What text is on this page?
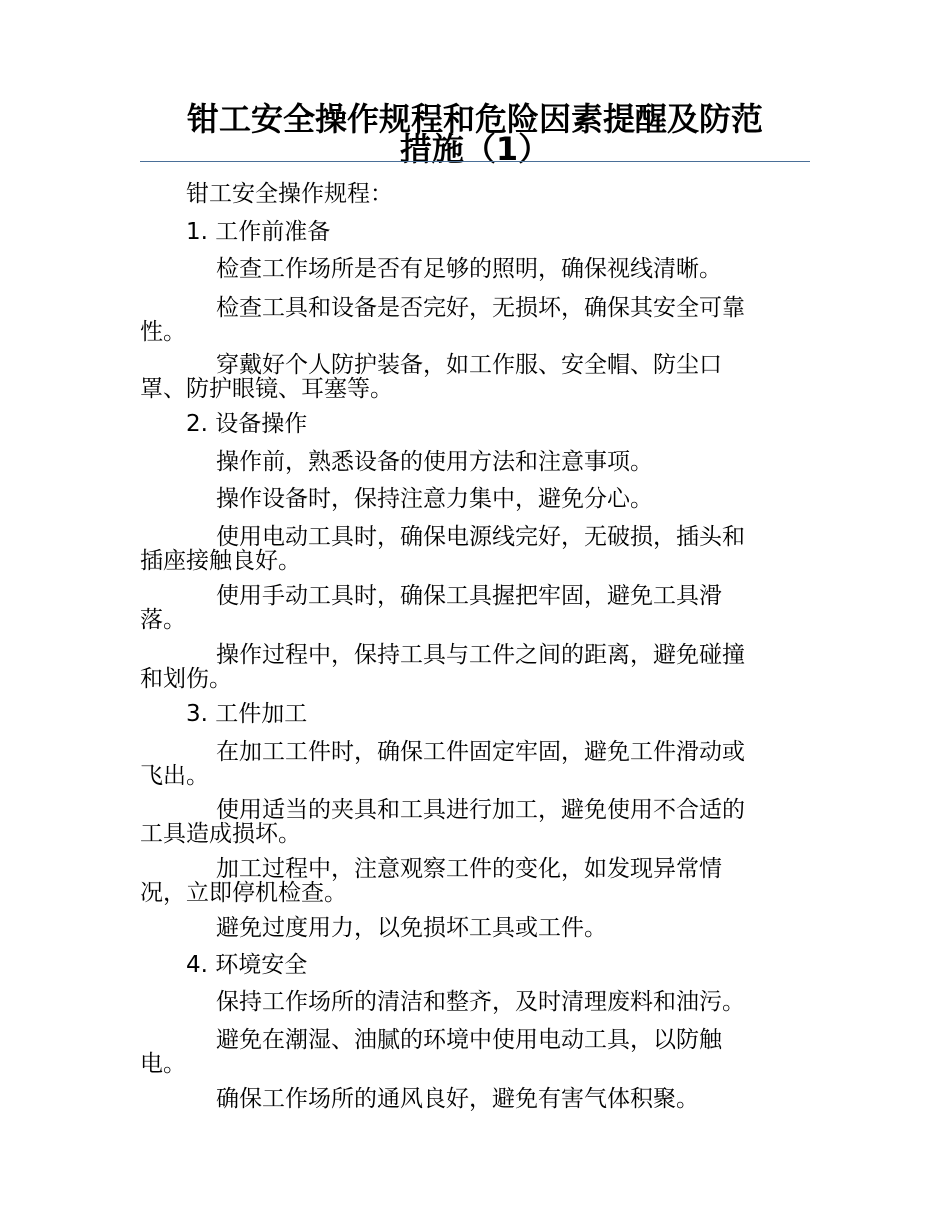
钳工安全操作规程和危险因素提醒及防范
措施（1）
钳工安全操作规程：
1. 工作前准备
检查工作场所是否有足够的照明，确保视线清晰。
检查工具和设备是否完好，无损坏，确保其安全可靠
性。
穿戴好个人防护装备，如工作服、安全帽、防尘口
罩、防护眼镜、耳塞等。
2. 设备操作
操作前，熟悉设备的使用方法和注意事项。
操作设备时，保持注意力集中，避免分心。
使用电动工具时，确保电源线完好，无破损，插头和
插座接触良好。
使用手动工具时，确保工具握把牢固，避免工具滑
落。
操作过程中，保持工具与工件之间的距离，避免碰撞
和划伤。
3. 工件加工
在加工工件时，确保工件固定牢固，避免工件滑动或
飞出。
使用适当的夹具和工具进行加工，避免使用不合适的
工具造成损坏。
加工过程中，注意观察工件的变化，如发现异常情
况，立即停机检查。
避免过度用力，以免损坏工具或工件。
4. 环境安全
保持工作场所的清洁和整齐，及时清理废料和油污。
避免在潮湿、油腻的环境中使用电动工具，以防触
电。
确保工作场所的通风良好，避免有害气体积聚。
